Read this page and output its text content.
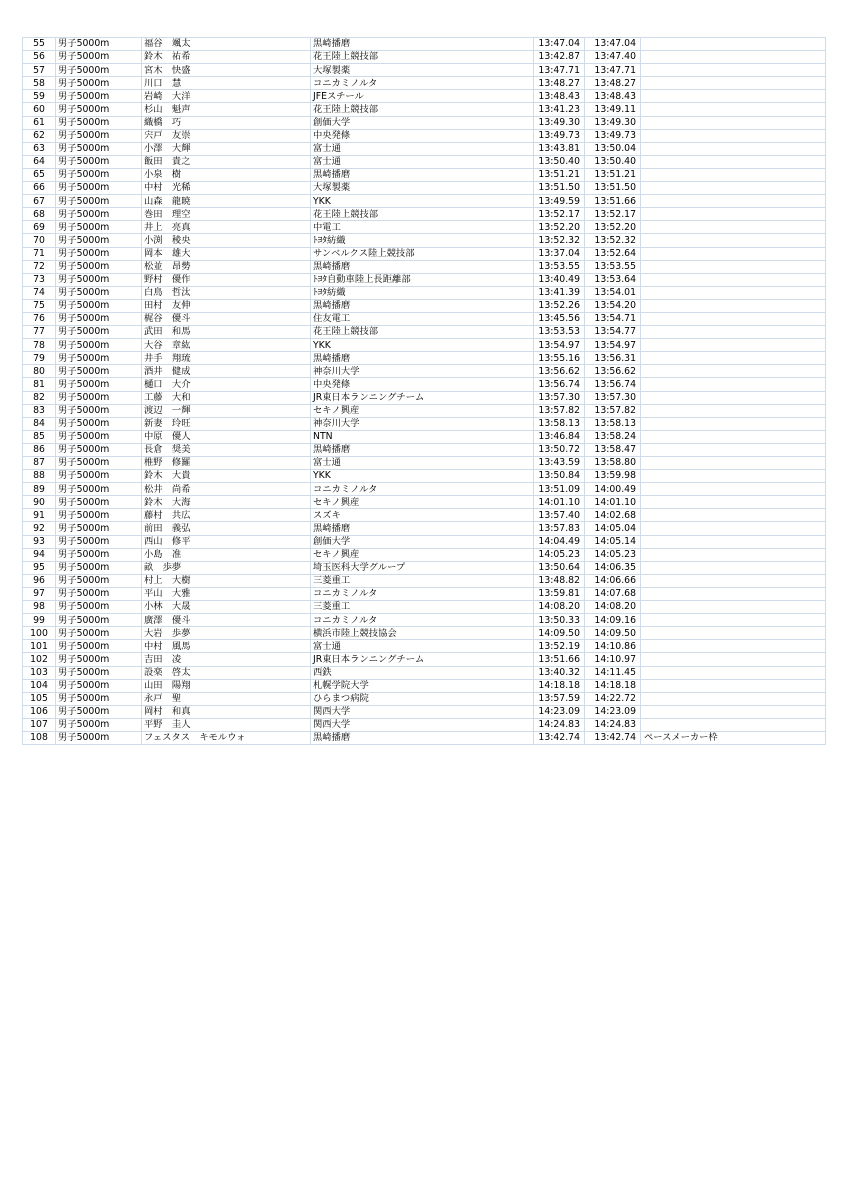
55	男子5000m	福谷　颯太	黒崎播磨	13:47.04	13:47.04	
56	男子5000m	鈴木　祐希	花王陸上競技部	13:42.87	13:47.40	
57	男子5000m	宮木　快盛	大塚製薬	13:47.71	13:47.71	
58	男子5000m	川口　慧	コニカミノルタ	13:48.27	13:48.27	
59	男子5000m	岩崎　大洋	JFEスチール	13:48.43	13:48.43	
60	男子5000m	杉山　魁声	花王陸上競技部	13:41.23	13:49.11	
61	男子5000m	織橋　巧	創価大学	13:49.30	13:49.30	
62	男子5000m	宍戸　友崇	中央発條	13:49.73	13:49.73	
63	男子5000m	小澤　大輝	富士通	13:43.81	13:50.04	
64	男子5000m	飯田　貴之	富士通	13:50.40	13:50.40	
65	男子5000m	小泉　樹	黒崎播磨	13:51.21	13:51.21	
66	男子5000m	中村　光稀	大塚製薬	13:51.50	13:51.50	
67	男子5000m	山森　龍暁	YKK	13:49.59	13:51.66	
68	男子5000m	巻田　理空	花王陸上競技部	13:52.17	13:52.17	
69	男子5000m	井上　亮真	中電工	13:52.20	13:52.20	
70	男子5000m	小渕　稜央	ﾄﾖﾀ紡織	13:52.32	13:52.32	
71	男子5000m	岡本　雄大	サンベルクス陸上競技部	13:37.04	13:52.64	
72	男子5000m	松並　昂勢	黒崎播磨	13:53.55	13:53.55	
73	男子5000m	野村　優作	ﾄﾖﾀ自動車陸上長距離部	13:40.49	13:53.64	
74	男子5000m	白鳥　哲汰	ﾄﾖﾀ紡織	13:41.39	13:54.01	
75	男子5000m	田村　友伸	黒崎播磨	13:52.26	13:54.20	
76	男子5000m	梶谷　優斗	住友電工	13:45.56	13:54.71	
77	男子5000m	武田　和馬	花王陸上競技部	13:53.53	13:54.77	
78	男子5000m	大谷　章紘	YKK	13:54.97	13:54.97	
79	男子5000m	井手　翔琉	黒崎播磨	13:55.16	13:56.31	
80	男子5000m	酒井　健成	神奈川大学	13:56.62	13:56.62	
81	男子5000m	樋口　大介	中央発條	13:56.74	13:56.74	
82	男子5000m	工藤　大和	JR東日本ランニングチーム	13:57.30	13:57.30	
83	男子5000m	渡辺　一輝	セキノ興産	13:57.82	13:57.82	
84	男子5000m	新妻　玲旺	神奈川大学	13:58.13	13:58.13	
85	男子5000m	中原　優人	NTN	13:46.84	13:58.24	
86	男子5000m	長倉　奨美	黒崎播磨	13:50.72	13:58.47	
87	男子5000m	椎野　修羅	富士通	13:43.59	13:58.80	
88	男子5000m	鈴木　大貴	YKK	13:50.84	13:59.98	
89	男子5000m	松井　尚希	コニカミノルタ	13:51.09	14:00.49	
90	男子5000m	鈴木　大海	セキノ興産	14:01.10	14:01.10	
91	男子5000m	藤村　共広	スズキ	13:57.40	14:02.68	
92	男子5000m	前田　義弘	黒崎播磨	13:57.83	14:05.04	
93	男子5000m	西山　修平	創価大学	14:04.49	14:05.14	
94	男子5000m	小島　准	セキノ興産	14:05.23	14:05.23	
95	男子5000m	畝　歩夢	埼玉医科大学グループ	13:50.64	14:06.35	
96	男子5000m	村上　大樹	三菱重工	13:48.82	14:06.66	
97	男子5000m	平山　大雅	コニカミノルタ	13:59.81	14:07.68	
98	男子5000m	小林　大晟	三菱重工	14:08.20	14:08.20	
99	男子5000m	廣澤　優斗	コニカミノルタ	13:50.33	14:09.16	
100	男子5000m	大岩　歩夢	横浜市陸上競技協会	14:09.50	14:09.50	
101	男子5000m	中村　風馬	富士通	13:52.19	14:10.86	
102	男子5000m	吉田　凌	JR東日本ランニングチーム	13:51.66	14:10.97	
103	男子5000m	設楽　啓太	西鉄	13:40.32	14:11.45	
104	男子5000m	山田　陽翔	札幌学院大学	14:18.18	14:18.18	
105	男子5000m	永戸　聖	ひらまつ病院	13:57.59	14:22.72	
106	男子5000m	岡村　和真	関西大学	14:23.09	14:23.09	
107	男子5000m	平野　圭人	関西大学	14:24.83	14:24.83	
108	男子5000m	フェスタス　キモルウォ	黒崎播磨	13:42.74	13:42.74	ペースメーカー枠
